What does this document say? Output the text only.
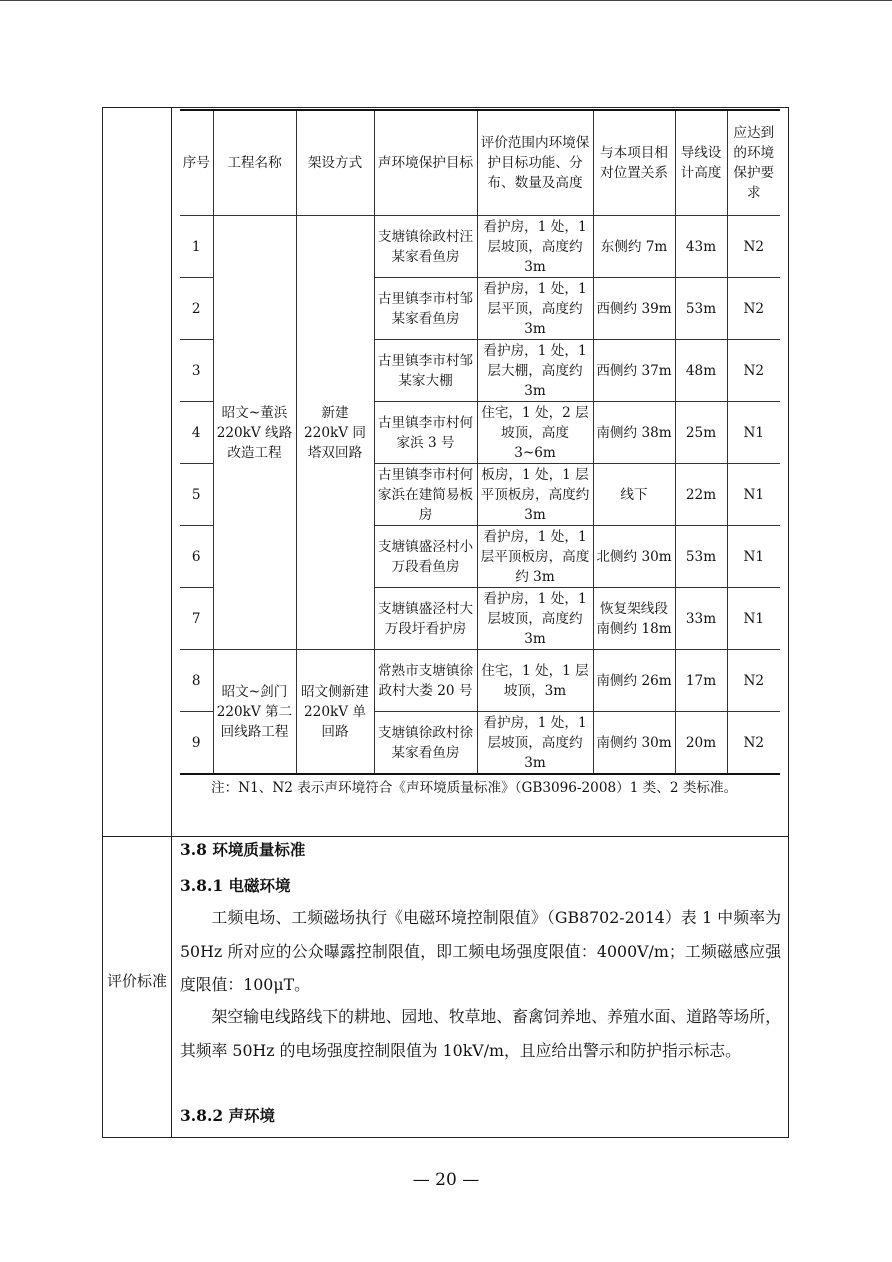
评价标准
序号	工程名称	架设方式	声环境保护目标	评价范围内环境保护目标功能、分布、数量及高度	与本项目相对位置关系	导线设计高度	应达到的环境保护要求
1	昭文~董浜 220kV 线路改造工程	新建 220kV 同塔双回路	支塘镇徐政村汪某家看鱼房	看护房，1 处，1 层坡顶，高度约 3m	东侧约 7m	43m	N2
2			古里镇李市村邹某家看鱼房	看护房，1 处，1 层平顶，高度约 3m	西侧约 39m	53m	N2
3			古里镇李市村邹某家大棚	看护房，1 处，1 层大棚，高度约 3m	西侧约 37m	48m	N2
4			古里镇李市村何家浜 3 号	住宅，1 处，2 层坡顶，高度 3~6m	南侧约 38m	25m	N1
5			古里镇李市村何家浜在建简易板房	板房，1 处，1 层平顶板房，高度约 3m	线下	22m	N1
6			支塘镇盛泾村小万段看鱼房	看护房，1 处，1 层平顶板房，高度约 3m	北侧约 30m	53m	N1
7			支塘镇盛泾村大万段圩看护房	看护房，1 处，1 层坡顶，高度约 3m	恢复架线段南侧约 18m	33m	N1
8	昭文~剑门 220kV 第二回线路工程	昭文侧新建 220kV 单回路	常熟市支塘镇徐政村大娄 20 号	住宅，1 处，1 层坡顶，3m	南侧约 26m	17m	N2
9			支塘镇徐政村徐某家看鱼房	看护房，1 处，1 层坡顶，高度约 3m	南侧约 30m	20m	N2
注：N1、N2 表示声环境符合《声环境质量标准》（GB3096-2008）1 类、2 类标准。
3.8 环境质量标准
3.8.1 电磁环境
工频电场、工频磁场执行《电磁环境控制限值》（GB8702-2014）表 1 中频率为 50Hz 所对应的公众曝露控制限值，即工频电场强度限值：4000V/m；工频磁感应强度限值：100μT。
架空输电线路线下的耕地、园地、牧草地、畜禽饲养地、养殖水面、道路等场所，其频率 50Hz 的电场强度控制限值为 10kV/m，且应给出警示和防护指示标志。
3.8.2 声环境
— 20 —
